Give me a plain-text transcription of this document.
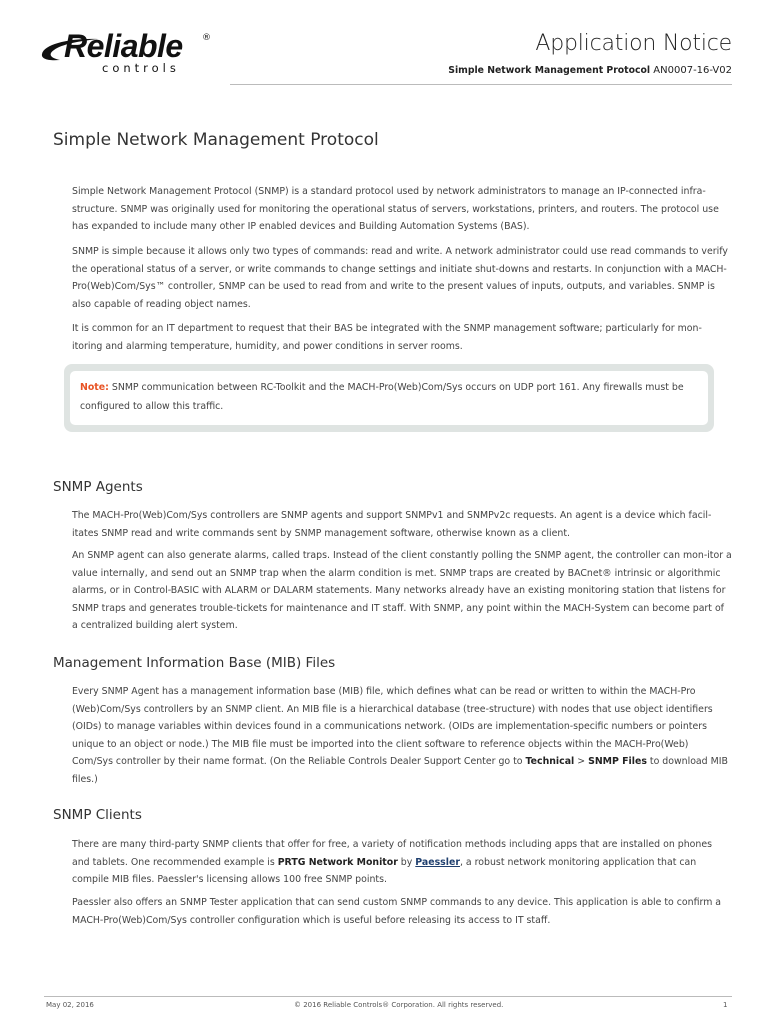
Reliable ®
controls
Application Notice
Simple Network Management Protocol AN0007-16-V02
Simple Network Management Protocol
Simple Network Management Protocol (SNMP) is a standard protocol used by network administrators to manage an IP-connected infra-structure. SNMP was originally used for monitoring the operational status of servers, workstations, printers, and routers. The protocol use has expanded to include many other IP enabled devices and Building Automation Systems (BAS).
SNMP is simple because it allows only two types of commands: read and write. A network administrator could use read commands to verify the operational status of a server, or write commands to change settings and initiate shut-downs and restarts. In conjunction with a MACH-Pro(Web)Com/Sys™ controller, SNMP can be used to read from and write to the present values of inputs, outputs, and variables. SNMP is also capable of reading object names.
It is common for an IT department to request that their BAS be integrated with the SNMP management software; particularly for mon-itoring and alarming temperature, humidity, and power conditions in server rooms.
Note: SNMP communication between RC-Toolkit and the MACH-Pro(Web)Com/Sys occurs on UDP port 161. Any firewalls must be configured to allow this traffic.
SNMP Agents
The MACH-Pro(Web)Com/Sys controllers are SNMP agents and support SNMPv1 and SNMPv2c requests. An agent is a device which facil-itates SNMP read and write commands sent by SNMP management software, otherwise known as a client.
An SNMP agent can also generate alarms, called traps. Instead of the client constantly polling the SNMP agent, the controller can mon-itor a value internally, and send out an SNMP trap when the alarm condition is met. SNMP traps are created by BACnet® intrinsic or algorithmic alarms, or in Control-BASIC with ALARM or DALARM statements. Many networks already have an existing monitoring station that listens for SNMP traps and generates trouble-tickets for maintenance and IT staff. With SNMP, any point within the MACH-System can become part of a centralized building alert system.
Management Information Base (MIB) Files
Every SNMP Agent has a management information base (MIB) file, which defines what can be read or written to within the MACH-Pro (Web)Com/Sys controllers by an SNMP client. An MIB file is a hierarchical database (tree-structure) with nodes that use object identifiers (OIDs) to manage variables within devices found in a communications network. (OIDs are implementation-specific numbers or pointers unique to an object or node.) The MIB file must be imported into the client software to reference objects within the MACH-Pro(Web) Com/Sys controller by their name format. (On the Reliable Controls Dealer Support Center go to Technical > SNMP Files to download MIB files.)
SNMP Clients
There are many third-party SNMP clients that offer for free, a variety of notification methods including apps that are installed on phones and tablets. One recommended example is PRTG Network Monitor by Paessler, a robust network monitoring application that can compile MIB files. Paessler's licensing allows 100 free SNMP points.
Paessler also offers an SNMP Tester application that can send custom SNMP commands to any device. This application is able to confirm a MACH-Pro(Web)Com/Sys controller configuration which is useful before releasing its access to IT staff.
May 02, 2016	© 2016 Reliable Controls® Corporation. All rights reserved.	1
